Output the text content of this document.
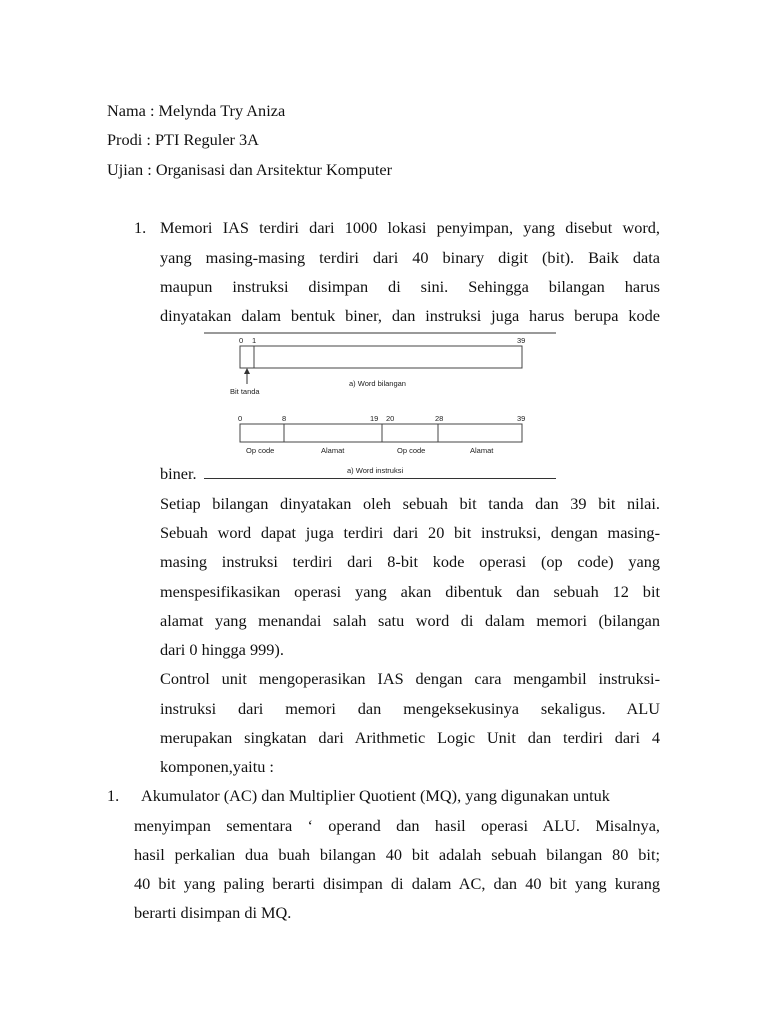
Nama : Melynda Try Aniza
Prodi : PTI Reguler 3A
Ujian : Organisasi dan Arsitektur Komputer
1. Memori IAS terdiri dari 1000 lokasi penyimpan, yang disebut word,
yang masing-masing terdiri dari 40 binary digit (bit). Baik data
maupun instruksi disimpan di sini. Sehingga bilangan harus
dinyatakan dalam bentuk biner, dan instruksi juga harus berupa kode
0 1	39
Bit tanda
a) Word bilangan
0	8	19 20	28	39
Op code	Alamat	Op code	Alamat
a) Word instruksi
biner.
Setiap bilangan dinyatakan oleh sebuah bit tanda dan 39 bit nilai.
Sebuah word dapat juga terdiri dari 20 bit instruksi, dengan masing-
masing instruksi terdiri dari 8-bit kode operasi (op code) yang
menspesifikasikan operasi yang akan dibentuk dan sebuah 12 bit
alamat yang menandai salah satu word di dalam memori (bilangan
dari 0 hingga 999).
Control unit mengoperasikan IAS dengan cara mengambil instruksi-
instruksi dari memori dan mengeksekusinya sekaligus. ALU
merupakan singkatan dari Arithmetic Logic Unit dan terdiri dari 4
komponen,yaitu :
1. Akumulator (AC) dan Multiplier Quotient (MQ), yang digunakan untuk
menyimpan sementara ‘ operand dan hasil operasi ALU. Misalnya,
hasil perkalian dua buah bilangan 40 bit adalah sebuah bilangan 80 bit;
40 bit yang paling berarti disimpan di dalam AC, dan 40 bit yang kurang
berarti disimpan di MQ.
